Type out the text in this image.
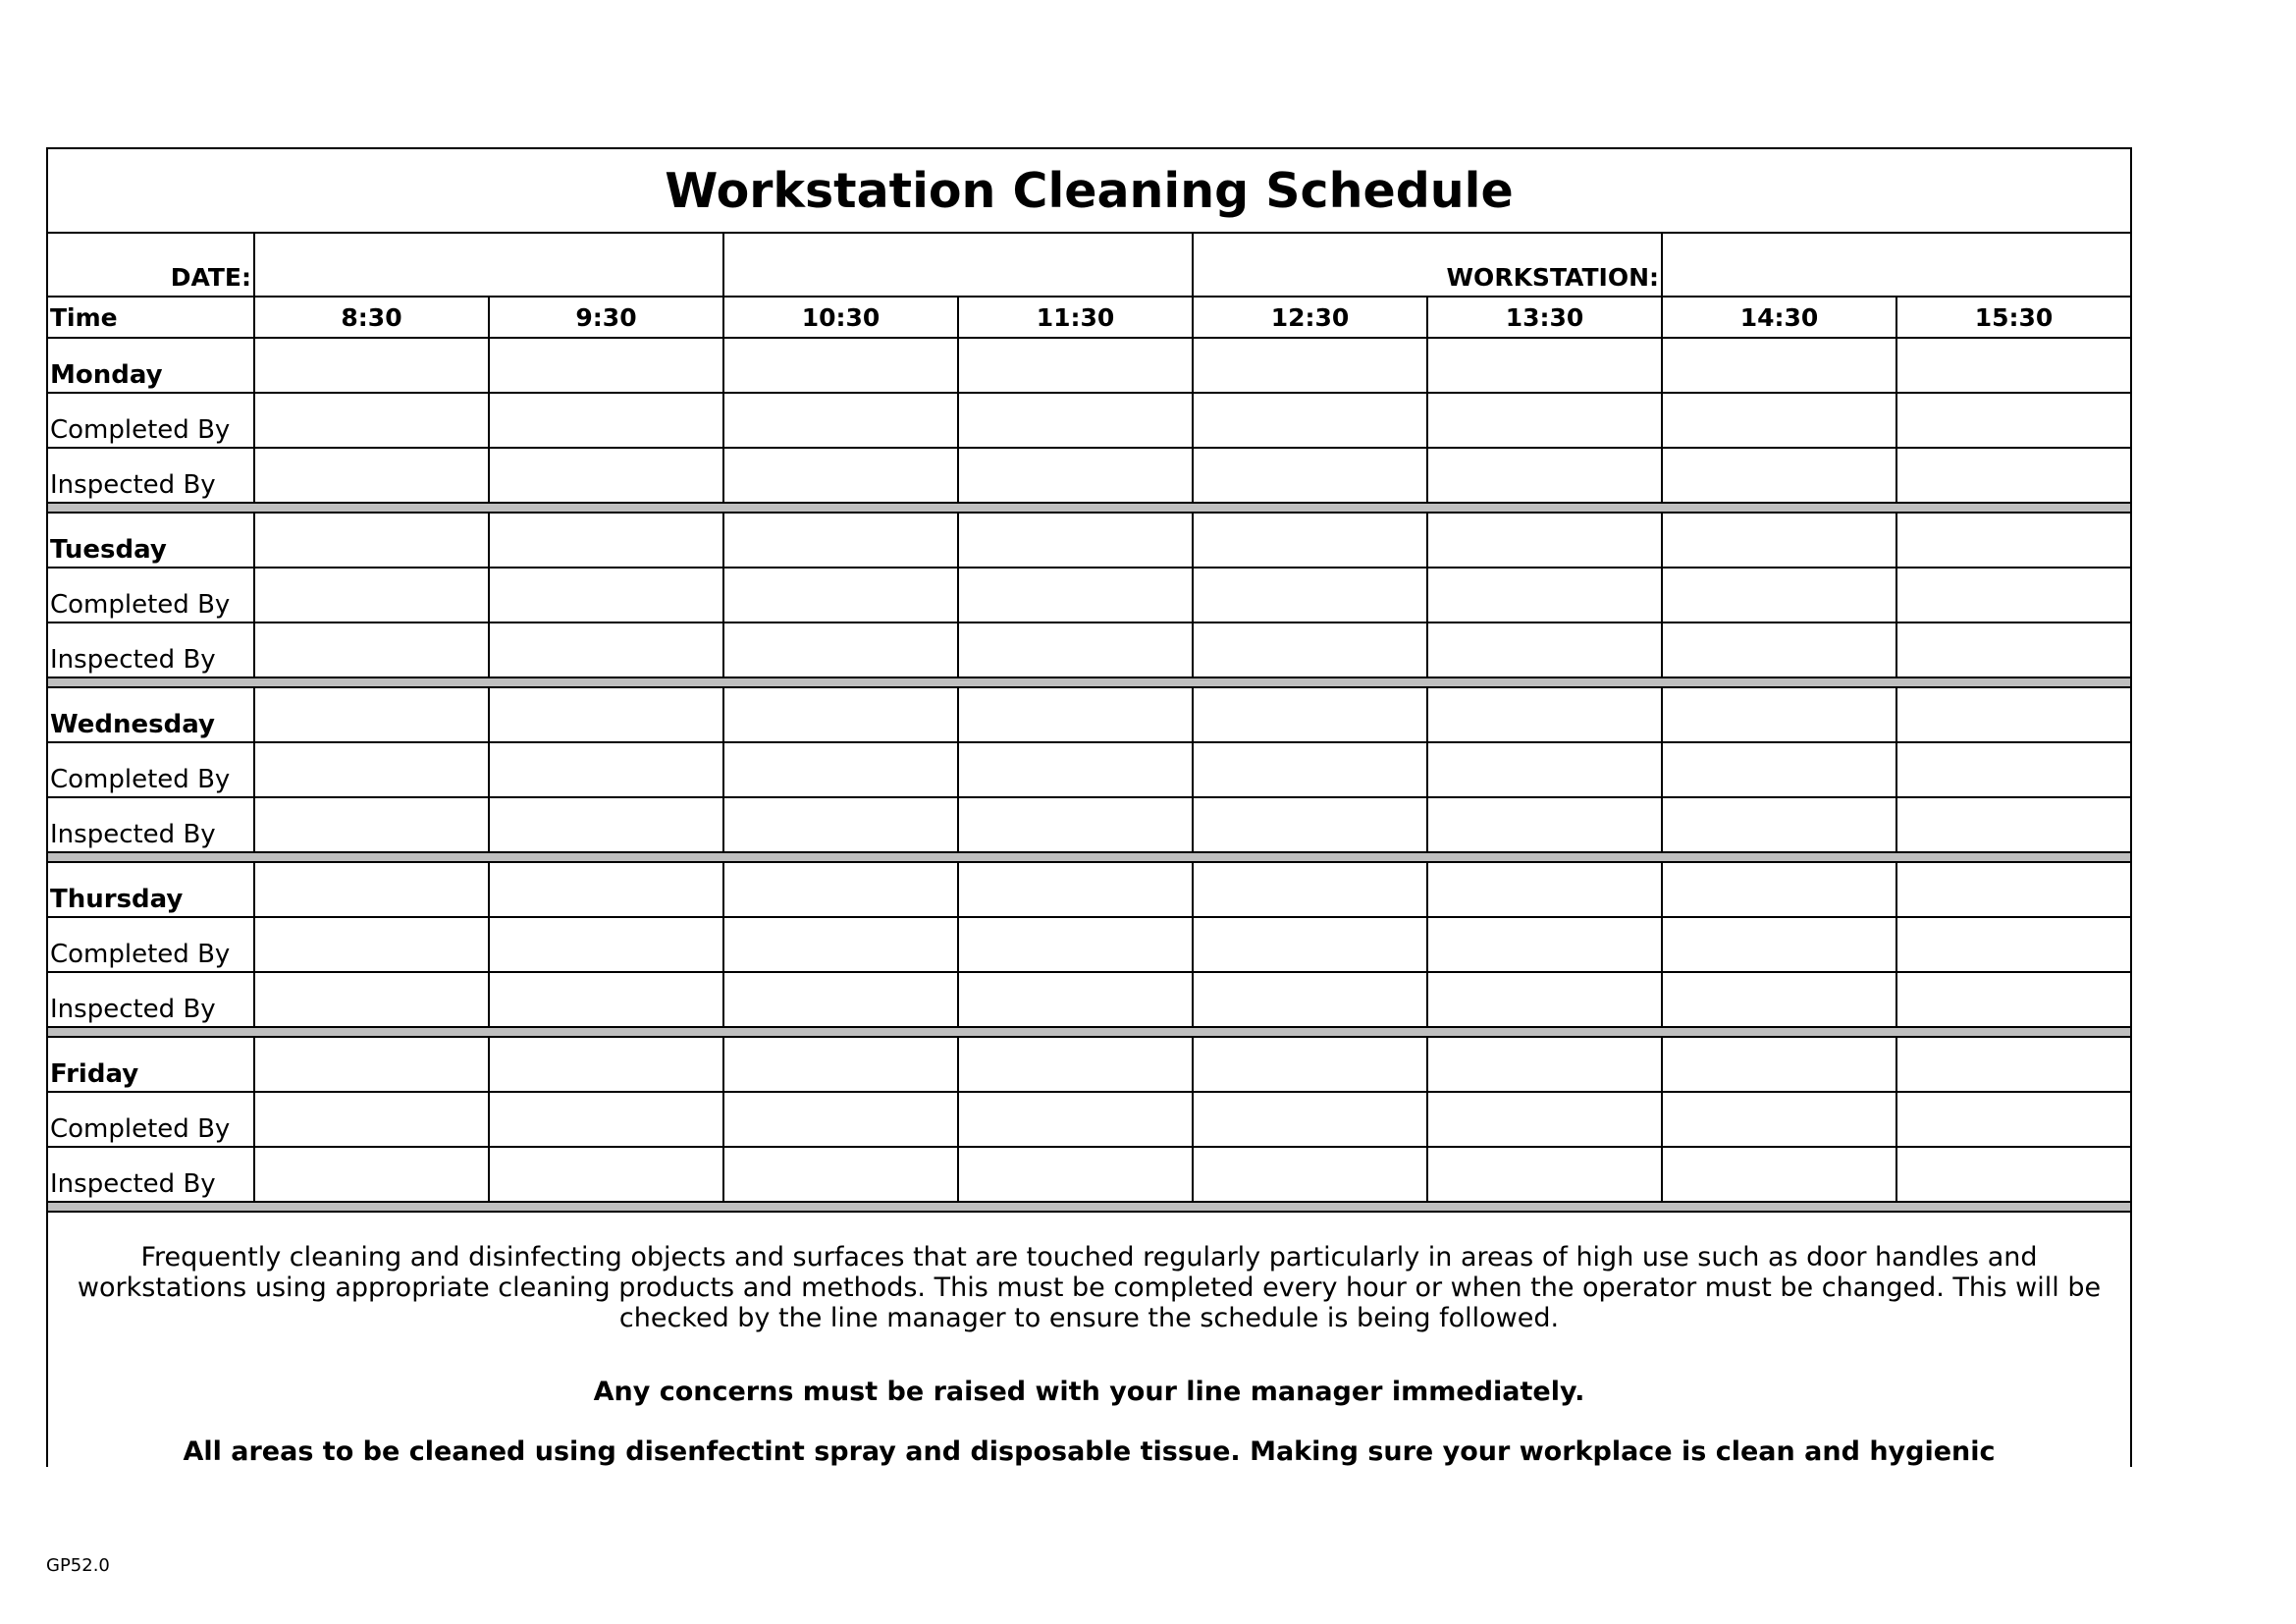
Workstation Cleaning Schedule								
DATE:					WORKSTATION:			
Time	8:30	9:30	10:30	11:30	12:30	13:30	14:30	15:30
Monday								
Completed By								
Inspected By								

Tuesday								
Completed By								
Inspected By								

Wednesday								
Completed By								
Inspected By								

Thursday								
Completed By								
Inspected By								

Friday								
Completed By								
Inspected By								

Frequently cleaning and disinfecting objects and surfaces that are touched regularly particularly in areas of high use such as door handles and workstations using appropriate cleaning products and methods. This must be completed every hour or when the operator must be changed. This will be checked by the line manager to ensure the schedule is being followed.

Any concerns must be raised with your line manager immediately.

All areas to be cleaned using disenfectint spray and disposable tissue. Making sure your workplace is clean and hygienic								

GP52.0
